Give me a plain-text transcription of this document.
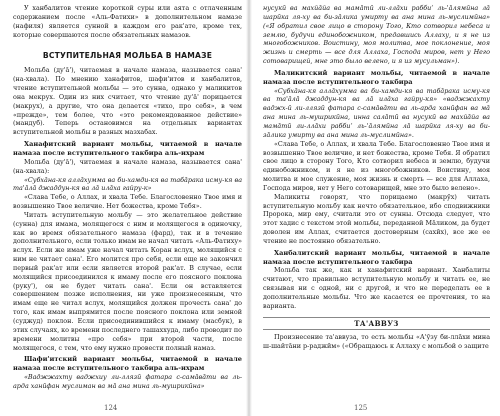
У ханбалитов чтение короткой суры или аята с отлаченным содержанием после «Аль-Фатихи» в дополнительном намазе (нафиля) является сунной в каждом его рак'ате, кроме тех, которые совершаются после обязательных намазов.

ВСТУПИТЕЛЬНАЯ МОЛЬБА В НАМАЗЕ

Мольба (ду'а̄'), читаемая в начале намаза, называется сана' (на‐хвала). По мнению ханафитов, шафи'итов и ханбалитов, чтение вступительной мольбы — это сунна, однако у маликитов она мекрух. Один из них считает, что чтение ду'а̄' порицается (макрух), а другие, что она делается «тихо, про себя», в чем «прежде», тем более, что «это рекомендованное действие» (мандуб). Теперь остановимся на отдельных вариантах вступительной мольбы в разных мазхабах.

Ханафитский вариант мольбы, читаемой в начале намаза после вступительного такбира аль-ихрам

Мольба (ду'а̄'), читаемая в начале намаза, называется сана' (на‐хвала):

«Субхāна-кя аллāхумма ва би-хамди-кя ва табāрака исму-кя ва та'āлā джаддун-кя ва лā илāха гайру-к»

«Слава Тебе, о Аллах, и хвала Тебе. Благословенно Твое имя и возвышенно Твое величие. Нет божества, кроме Тебя».

Читать вступительную мольбу — это желательное действие (сунна) для имама, молящегося с ним и молящегося в одиночку, как во время обязательного намаза (фард), так и в течение дополнительного, если только имам не начал читать «Аль-Фатиху» вслух. Если же имам уже начал читать Коран вслух, молящийся с ним не читает сана'. Его молится про себя, если еще не закончил первый рак'ат или если является второй рак'ат. В случае, если молящийся присоединился к имаму после его поясного поклона (руку'), он не будет читать сана'. Если он вставляется совершением позже исполнения, ни уже произнесенным, что имам еще не читал вслух, молящийся должен прочесть сана' до того, как имам выпрямится после поясного поклона или земной (суджуд) поклон. Если присоединившийся к имаму (масбук), в этих случаях, ко времени последнего ташаххуда, либо проводит по времени молитвы «про себя» при второй части, после молящегося, с тем, что ему нужно провести полный намаз.

Шафи'итский вариант мольбы, читаемой в начале намаза после вступительного такбира аль-ихрам

«Ваджжахту ваджхиу ли-ллязӣ фатара с-самāвāти ва ль-арда ханӣфан муслиман ва мā ана мина ль-мушрикӣна»

124

нусукӣ ва махйāйа ва мамāтӣ ли-ллāхи раббиʻ ль-'āлямӣна лā шарӣка ля-ху ва би-зāлика умирту ва ана мина ль-муслимӣна» («Я обратил свое лицо в сторону Того, Кто сотворил небеса и землю, будучи единобожником, предавшись Аллаху, и я не из многобожников. Воистину, моя молитва, мое поклонение, моя жизнь и смерть — все для Аллаха, Господа миров, нет у Него сотоварищей, мне это было велено, и я из мусульман»).

Маликитский вариант мольбы, читаемой в начале намаза после вступительного такбира

«Субхāна-кя аллāхумма ва би-хамди-кя ва табāрака исму-кя ва та'āлā джаддун-кя ва лā илāха гайру-кя» «ваджжахту ваджх-ӣ ли-ллязӣ фатара с-самāвāти ва ль-арда ханӣфан ва мā ана мина ль-мушрикӣна, инна салāтӣ ва нусукӣ ва махйāйа ва мамāтӣ ли-ллāхи раббиʻ ль-'āлямӣна лā шарӣка ля-ху ва би-зāлика умирту ва ана мина ль-муслимӣна».

«Слава Тебе, о Аллах, и хвала Тебе. Благословенно Твое имя и возвышенно Твое величие, и нет божества, кроме Тебя. Я обратил свое лицо в сторону Того, Кто сотворил небеса и землю, будучи единобожником, и я не из многобожников. Воистину, моя молитва и мое служение, моя жизнь и смерть — все для Аллаха, Господа миров, нет у Него сотоварищей, мне это было велено».

Маликиты говорят, что порицаемо (макрӯх) читать вступительную мольбу как нечто обязательное, ибо сподвижники Пророка, мир ему, считали это от сунны. Отсюда следует, что этот хадис с текстом этой мольбы, переданной Мāликом, да будет доволен им Аллах, считается достоверным (сахӣх), все же ее чтение не постоянно обязательно.

Ханбалитский вариант мольбы, читаемой в начале намаза после вступительного такбира

Мольба так же, как и ханафитский вариант. Ханбалиты считают, что правильно вступительную мольбу и читать ее, не связывая ни с одной, ни с другой, и что не переделать ее в дополнительные мольбы. Что же касается ее прочтения, то на варианта.

ТА'АВВУЗ

Произнесение та'аввуза, то есть мольбы «А'ӯзу би-ллāхи мина ш-шайтāни р-раджӣм» («Обращаюсь к Аллаху с мольбой о защите

125
